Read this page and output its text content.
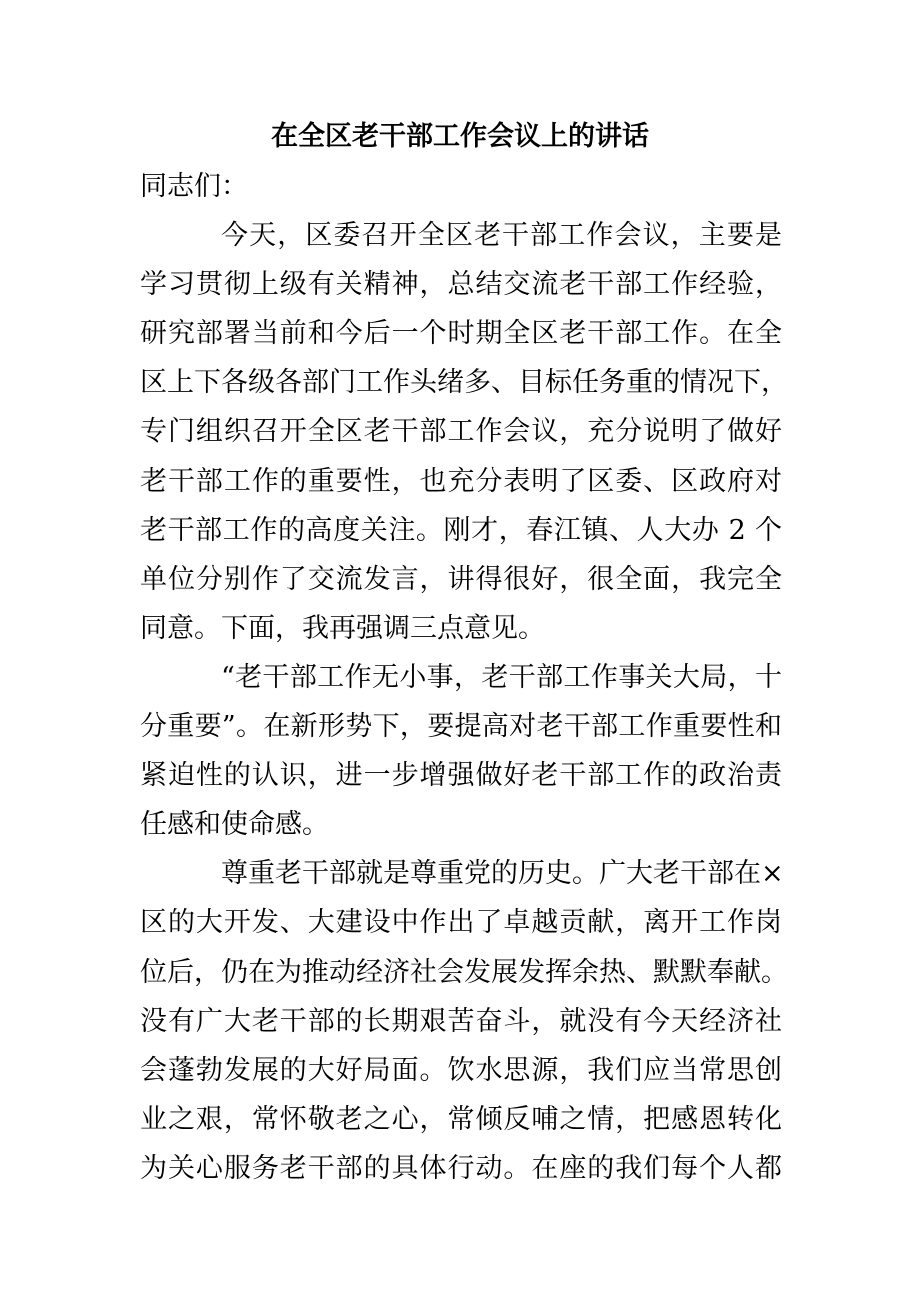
在全区老干部工作会议上的讲话

同志们：

今天，区委召开全区老干部工作会议，主要是
学习贯彻上级有关精神，总结交流老干部工作经验，
研究部署当前和今后一个时期全区老干部工作。在全
区上下各级各部门工作头绪多、目标任务重的情况下，
专门组织召开全区老干部工作会议，充分说明了做好
老干部工作的重要性，也充分表明了区委、区政府对
老干部工作的高度关注。刚才，春江镇、人大办 2 个
单位分别作了交流发言，讲得很好，很全面，我完全
同意。下面，我再强调三点意见。

“老干部工作无小事，老干部工作事关大局，十
分重要”。在新形势下，要提高对老干部工作重要性和
紧迫性的认识，进一步增强做好老干部工作的政治责
任感和使命感。

尊重老干部就是尊重党的历史。广大老干部在×
区的大开发、大建设中作出了卓越贡献，离开工作岗
位后，仍在为推动经济社会发展发挥余热、默默奉献。
没有广大老干部的长期艰苦奋斗，就没有今天经济社
会蓬勃发展的大好局面。饮水思源，我们应当常思创
业之艰，常怀敬老之心，常倾反哺之情，把感恩转化
为关心服务老干部的具体行动。在座的我们每个人都
